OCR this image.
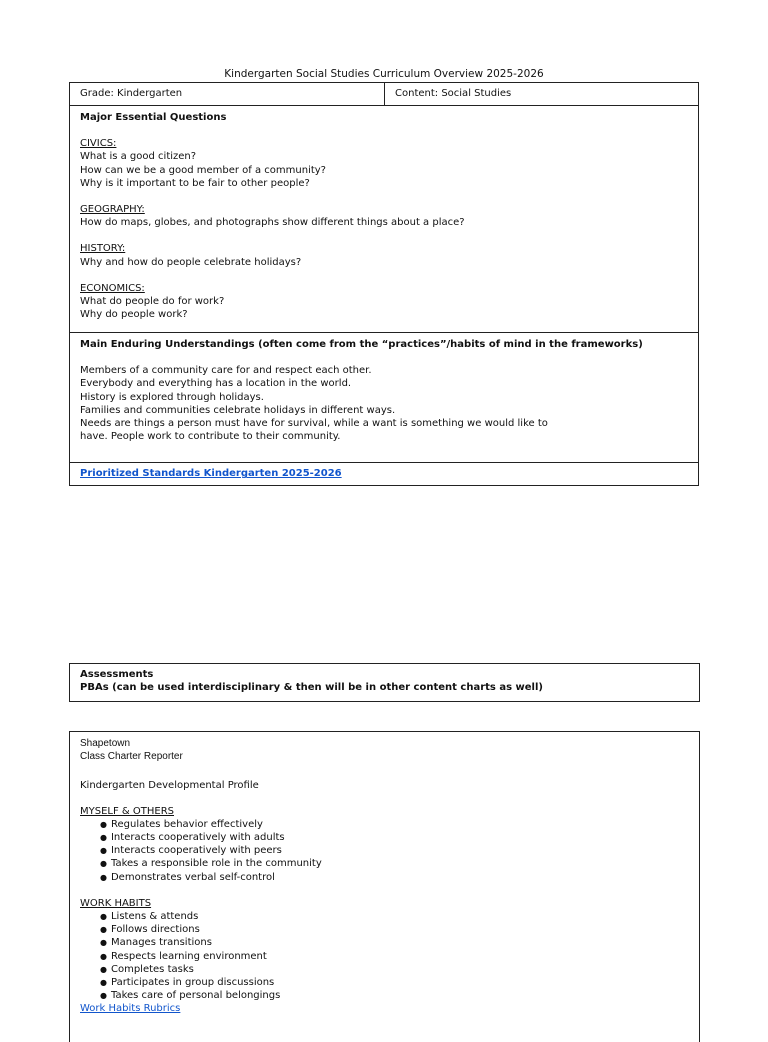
Kindergarten Social Studies Curriculum Overview 2025-2026
Grade: Kindergarten	Content: Social Studies

Major Essential Questions
CIVICS:
What is a good citizen?
How can we be a good member of a community?
Why is it important to be fair to other people?
GEOGRAPHY:
How do maps, globes, and photographs show different things about a place?
HISTORY:
Why and how do people celebrate holidays?
ECONOMICS:
What do people do for work?
Why do people work?

Main Enduring Understandings (often come from the “practices”/habits of mind in the frameworks)
Members of a community care for and respect each other.
Everybody and everything has a location in the world.
History is explored through holidays.
Families and communities celebrate holidays in different ways.
Needs are things a person must have for survival, while a want is something we would like to
have. People work to contribute to their community.

Prioritized Standards Kindergarten 2025-2026
Assessments
PBAs (can be used interdisciplinary & then will be in other content charts as well)
Shapetown
Class Charter Reporter
Kindergarten Developmental Profile
MYSELF & OTHERS
● Regulates behavior effectively
● Interacts cooperatively with adults
● Interacts cooperatively with peers
● Takes a responsible role in the community
● Demonstrates verbal self-control
WORK HABITS
● Listens & attends
● Follows directions
● Manages transitions
● Respects learning environment
● Completes tasks
● Participates in group discussions
● Takes care of personal belongings
Work Habits Rubrics
